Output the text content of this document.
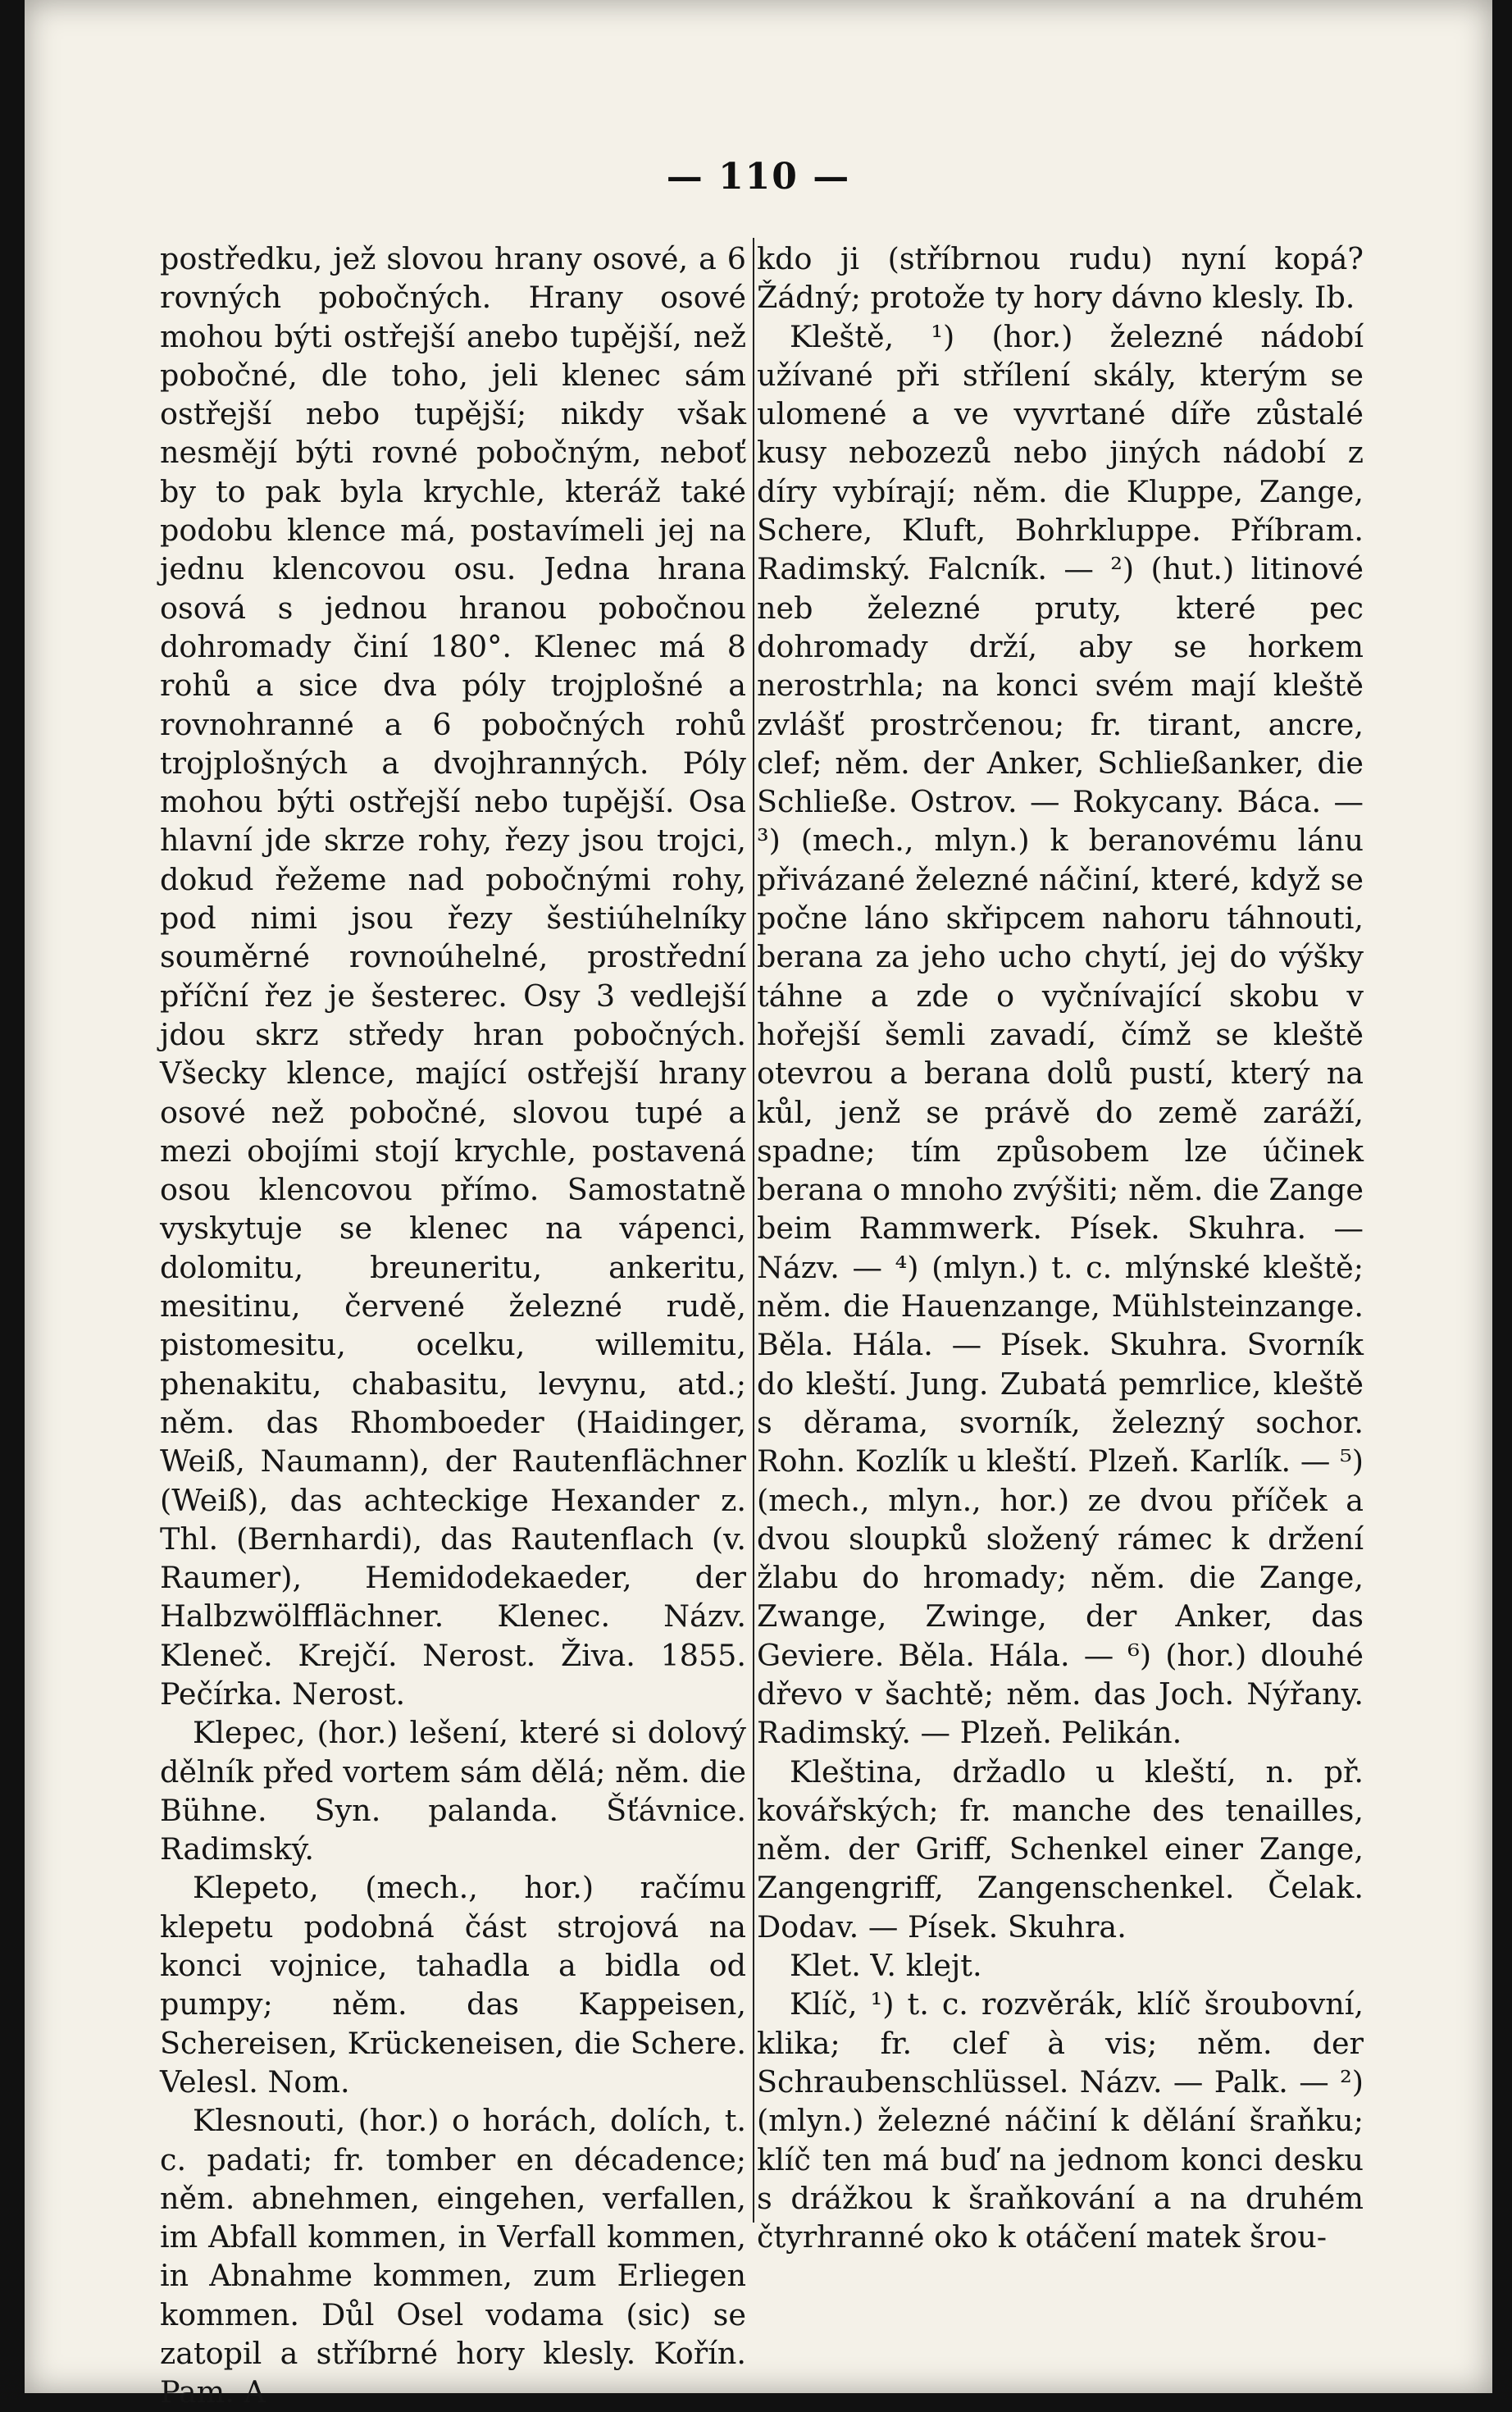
— 110 —

postředku, jež slovou hrany osové, a 6 rovných pobočných. Hrany osové mohou býti ostřejší anebo tupější, než pobočné, dle toho, jeli klenec sám ostřejší nebo tupější; nikdy však nesmějí býti rovné pobočným, neboť by to pak byla krychle, kteráž také podobu klence má, postavímeli jej na jednu klencovou osu. Jedna hrana osová s jednou hranou pobočnou dohromady činí 180°. Klenec má 8 rohů a sice dva póly trojplošné a rovnohranné a 6 pobočných rohů trojplošných a dvojhranných. Póly mohou býti ostřejší nebo tupější. Osa hlavní jde skrze rohy, řezy jsou trojci, dokud řežeme nad pobočnými rohy, pod nimi jsou řezy šestiúhelníky souměrné rovnoúhelné, prostřední příční řez je šesterec. Osy 3 vedlejší jdou skrz středy hran pobočných. Všecky klence, mající ostřejší hrany osové než pobočné, slovou tupé a mezi obojími stojí krychle, postavená osou klencovou přímo. Samostatně vyskytuje se klenec na vápenci, dolomitu, breuneritu, ankeritu, mesitinu, červené železné rudě, pistomesitu, ocelku, willemitu, phenakitu, chabasitu, levynu, atd.; něm. das Rhomboeder (Haidinger, Weiß, Naumann), der Rautenflächner (Weiß), das achteckige Hexander z. Thl. (Bernhardi), das Rautenflach (v. Raumer), Hemidodekaeder, der Halbzwölfflächner. Klenec. Názv. Kleneč. Krejčí. Nerost. Živa. 1855. Pečírka. Nerost.

Klepec, (hor.) lešení, které si dolový dělník před vortem sám dělá; něm. die Bühne. Syn. palanda. Šťávnice. Radimský.

Klepeto, (mech., hor.) račímu klepetu podobná část strojová na konci vojnice, tahadla a bidla od pumpy; něm. das Kappeisen, Schereisen, Krückeneisen, die Schere. Velesl. Nom.

Klesnouti, (hor.) o horách, dolích, t. c. padati; fr. tomber en décadence; něm. abnehmen, eingehen, verfallen, im Abfall kommen, in Verfall kommen, in Abnahme kommen, zum Erliegen kommen. Důl Osel vodama (sic) se zatopil a stříbrné hory klesly. Kořín. Pam. A

kdo ji (stříbrnou rudu) nyní kopá? Žádný; protože ty hory dávno klesly. Ib.

Kleště, ¹) (hor.) železné nádobí užívané při střílení skály, kterým se ulomené a ve vyvrtané díře zůstalé kusy nebozezů nebo jiných nádobí z díry vybírají; něm. die Kluppe, Zange, Schere, Kluft, Bohrkluppe. Příbram. Radimský. Falcník. — ²) (hut.) litinové neb železné pruty, které pec dohromady drží, aby se horkem nerostrhla; na konci svém mají kleště zvlášť prostrčenou; fr. tirant, ancre, clef; něm. der Anker, Schließanker, die Schließe. Ostrov. — Rokycany. Báca. — ³) (mech., mlyn.) k beranovému lánu přivázané železné náčiní, které, když se počne láno skřipcem nahoru táhnouti, berana za jeho ucho chytí, jej do výšky táhne a zde o vyčnívající skobu v hořejší šemli zavadí, čímž se kleště otevrou a berana dolů pustí, který na kůl, jenž se právě do země zaráží, spadne; tím způsobem lze účinek berana o mnoho zvýšiti; něm. die Zange beim Rammwerk. Písek. Skuhra. — Názv. — ⁴) (mlyn.) t. c. mlýnské kleště; něm. die Hauenzange, Mühlsteinzange. Běla. Hála. — Písek. Skuhra. Svorník do kleští. Jung. Zubatá pemrlice, kleště s děrama, svorník, železný sochor. Rohn. Kozlík u kleští. Plzeň. Karlík. — ⁵) (mech., mlyn., hor.) ze dvou příček a dvou sloupků složený rámec k držení žlabu do hromady; něm. die Zange, Zwange, Zwinge, der Anker, das Geviere. Běla. Hála. — ⁶) (hor.) dlouhé dřevo v šachtě; něm. das Joch. Nýřany. Radimský. — Plzeň. Pelikán.

Kleština, držadlo u kleští, n. př. kovářských; fr. manche des tenailles, něm. der Griff, Schenkel einer Zange, Zangengriff, Zangenschenkel. Čelak. Dodav. — Písek. Skuhra.

Klet. V. klejt.

Klíč, ¹) t. c. rozvěrák, klíč šroubovní, klika; fr. clef à vis; něm. der Schraubenschlüssel. Názv. — Palk. — ²) (mlyn.) železné náčiní k dělání šraňku; klíč ten má buď na jednom konci desku s drážkou k šraňkování a na druhém čtyrhranné oko k otáčení matek šrou-
